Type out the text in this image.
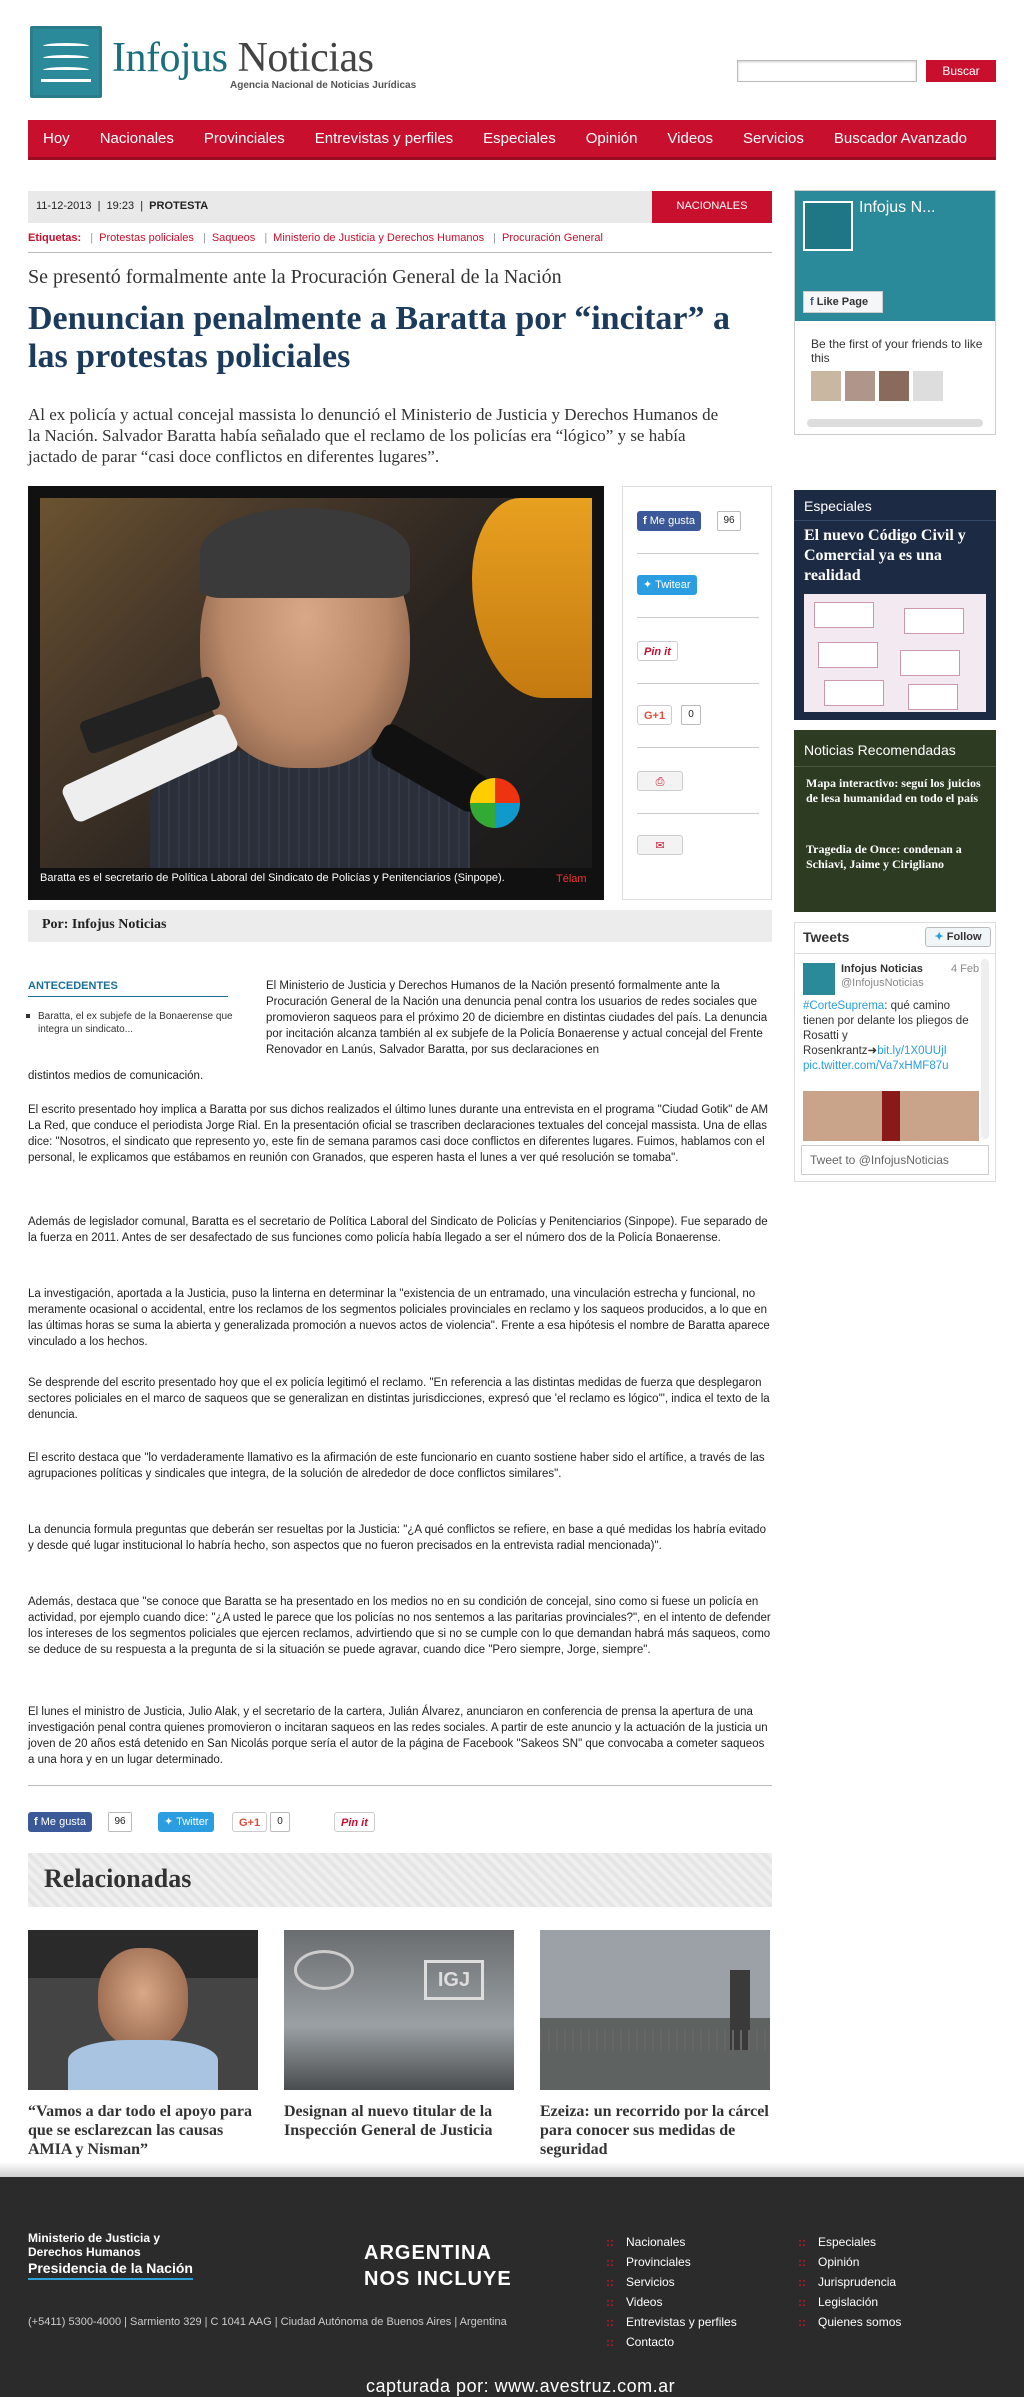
Infojus Noticias
Agencia Nacional de Noticias Jurídicas
Buscar
Hoy	Nacionales	Provinciales	Entrevistas y perfiles	Especiales	Opinión	Videos	Servicios	Buscador Avanzado
11-12-2013  |  19:23  |  PROTESTA	NACIONALES
Etiquetas: | Protestas policiales | Saqueos | Ministerio de Justicia y Derechos Humanos | Procuración General
Se presentó formalmente ante la Procuración General de la Nación
Denuncian penalmente a Baratta por “incitar” a las protestas policiales
Al ex policía y actual concejal massista lo denunció el Ministerio de Justicia y Derechos Humanos de la Nación. Salvador Baratta había señalado que el reclamo de los policías era “lógico” y se había jactado de parar “casi doce conflictos en diferentes lugares”.
Baratta es el secretario de Política Laboral del Sindicato de Policías y Penitenciarios (Sinpope).	Télam
f Me gusta	96
✦ Twitear
Pin it
G+1	0
⎙
✉
Por: Infojus Noticias
ANTECEDENTES
Baratta, el ex subjefe de la Bonaerense que integra un sindicato...
El Ministerio de Justicia y Derechos Humanos de la Nación presentó formalmente ante la Procuración General de la Nación una denuncia penal contra los usuarios de redes sociales que promovieron saqueos para el próximo 20 de diciembre en distintas ciudades del país. La denuncia por incitación alcanza también al ex subjefe de la Policía Bonaerense y actual concejal del Frente Renovador en Lanús, Salvador Baratta, por sus declaraciones en
distintos medios de comunicación.
El escrito presentado hoy implica a Baratta por sus dichos realizados el último lunes durante una entrevista en el programa "Ciudad Gotik" de AM La Red, que conduce el periodista Jorge Rial. En la presentación oficial se trascriben declaraciones textuales del concejal massista. Una de ellas dice: "Nosotros, el sindicato que represento yo, este fin de semana paramos casi doce conflictos en diferentes lugares. Fuimos, hablamos con el personal, le explicamos que estábamos en reunión con Granados, que esperen hasta el lunes a ver qué resolución se tomaba".
Además de legislador comunal, Baratta es el secretario de Política Laboral del Sindicato de Policías y Penitenciarios (Sinpope). Fue separado de la fuerza en 2011. Antes de ser desafectado de sus funciones como policía había llegado a ser el número dos de la Policía Bonaerense.
La investigación, aportada a la Justicia, puso la linterna en determinar la "existencia de un entramado, una vinculación estrecha y funcional, no meramente ocasional o accidental, entre los reclamos de los segmentos policiales provinciales en reclamo y los saqueos producidos, a lo que en las últimas horas se suma la abierta y generalizada promoción a nuevos actos de violencia". Frente a esa hipótesis el nombre de Baratta aparece vinculado a los hechos.
Se desprende del escrito presentado hoy que el ex policía legitimó el reclamo. "En referencia a las distintas medidas de fuerza que desplegaron sectores policiales en el marco de saqueos que se generalizan en distintas jurisdicciones, expresó que 'el reclamo es lógico'", indica el texto de la denuncia.
El escrito destaca que "lo verdaderamente llamativo es la afirmación de este funcionario en cuanto sostiene haber sido el artífice, a través de las agrupaciones políticas y sindicales que integra, de la solución de alrededor de doce conflictos similares".
La denuncia formula preguntas que deberán ser resueltas por la Justicia: "¿A qué conflictos se refiere, en base a qué medidas los habría evitado y desde qué lugar institucional lo habría hecho, son aspectos que no fueron precisados en la entrevista radial mencionada)".
Además, destaca que "se conoce que Baratta se ha presentado en los medios no en su condición de concejal, sino como si fuese un policía en actividad, por ejemplo cuando dice: "¿A usted le parece que los policías no nos sentemos a las paritarias provinciales?", en el intento de defender los intereses de los segmentos policiales que ejercen reclamos, advirtiendo que si no se cumple con lo que demandan habrá más saqueos, como se deduce de su respuesta a la pregunta de si la situación se puede agravar, cuando dice "Pero siempre, Jorge, siempre".
El lunes el ministro de Justicia, Julio Alak, y el secretario de la cartera, Julián Álvarez, anunciaron en conferencia de prensa la apertura de una investigación penal contra quienes promovieron o incitaran saqueos en las redes sociales. A partir de este anuncio y la actuación de la justicia un joven de 20 años está detenido en San Nicolás porque sería el autor de la página de Facebook "Sakeos SN" que convocaba a cometer saqueos a una hora y en un lugar determinado.
f Me gusta	96	✦ Twitter	G+1	0	Pin it
Relacionadas
IGJ
“Vamos a dar todo el apoyo para que se esclarezcan las causas AMIA y Nisman”
Designan al nuevo titular de la Inspección General de Justicia
Ezeiza: un recorrido por la cárcel para conocer sus medidas de seguridad
Infojus N...
f Like Page
Be the first of your friends to like this
Especiales
El nuevo Código Civil y Comercial ya es una realidad
Noticias Recomendadas
Mapa interactivo: seguí los juicios de lesa humanidad en todo el país
Tragedia de Once: condenan a Schiavi, Jaime y Cirigliano
Tweets	✦ Follow
Infojus Noticias
@InfojusNoticias
4 Feb
#CorteSuprema: qué camino tienen por delante los pliegos de Rosatti y Rosenkrantz➜bit.ly/1X0UUjI pic.twitter.com/Va7xHMF87u
Tweet to @InfojusNoticias
Ministerio de Justicia y Derechos Humanos
Presidencia de la Nación
ARGENTINA NOS INCLUYE
(+5411) 5300-4000 | Sarmiento 329 | C 1041 AAG | Ciudad Autónoma de Buenos Aires | Argentina
:: Nacionales
:: Provinciales
:: Servicios
:: Videos
:: Entrevistas y perfiles
:: Contacto
:: Especiales
:: Opinión
:: Jurisprudencia
:: Legislación
:: Quienes somos
capturada por: www.avestruz.com.ar
